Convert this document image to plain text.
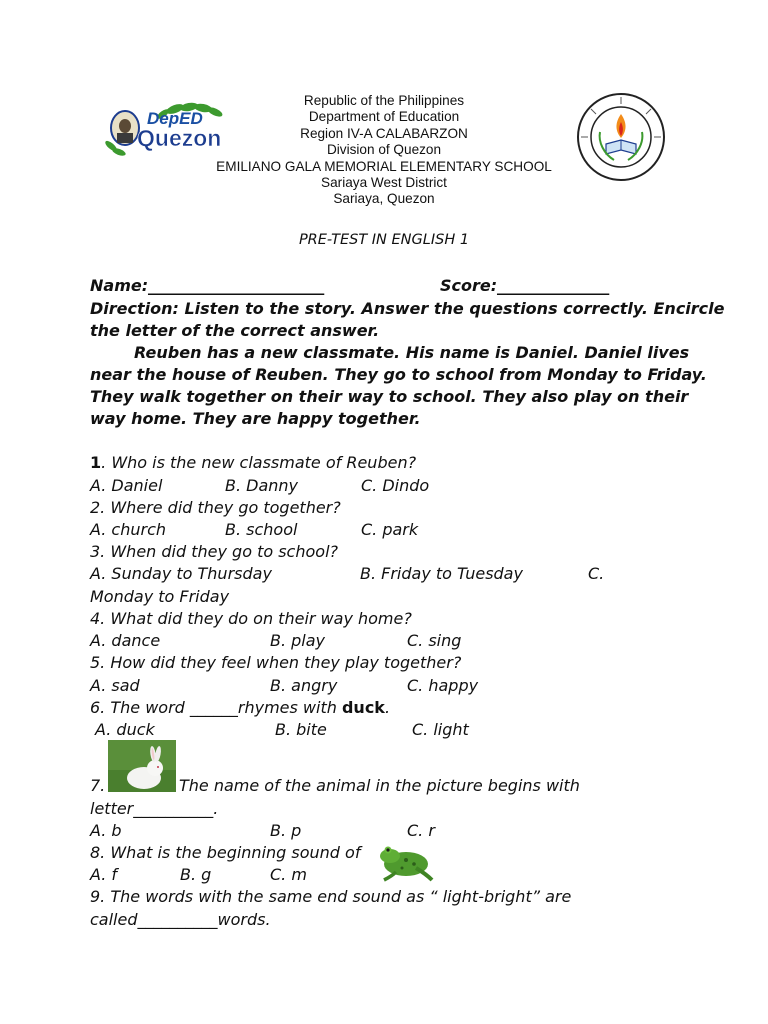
DepED
Quezon
Republic of the Philippines
Department of Education
Region IV-A CALABARZON
Division of Quezon
EMILIANO GALA MEMORIAL ELEMENTARY SCHOOL
Sariaya West District
Sariaya, Quezon
PRE-TEST IN ENGLISH 1
Name:______________________	Score:______________
Direction: Listen to the story. Answer the questions correctly. Encircle
the letter of the correct answer.
Reuben has a new classmate. His name is Daniel. Daniel lives
near the house of Reuben. They go to school from Monday to Friday.
They walk together on their way to school. They also play on their
way home. They are happy together.
1. Who is the new classmate of Reuben?
A. Daniel	B. Danny	C. Dindo
2. Where did they go together?
A. church	B. school	C. park
3. When did they go to school?
A. Sunday to Thursday	B. Friday to Tuesday	C.
Monday to Friday
4. What did they do on their way home?
A. dance	B. play	C. sing
5. How did they feel when they play together?
A. sad	B. angry	C. happy
6. The word ______rhymes with duck.
A. duck	B. bite	C. light
7.	The name of the animal in the picture begins with
letter__________.
A. b	B. p	C. r
8. What is the beginning sound of
A. f	B. g	C. m
9. The words with the same end sound as “ light-bright” are
called__________words.
